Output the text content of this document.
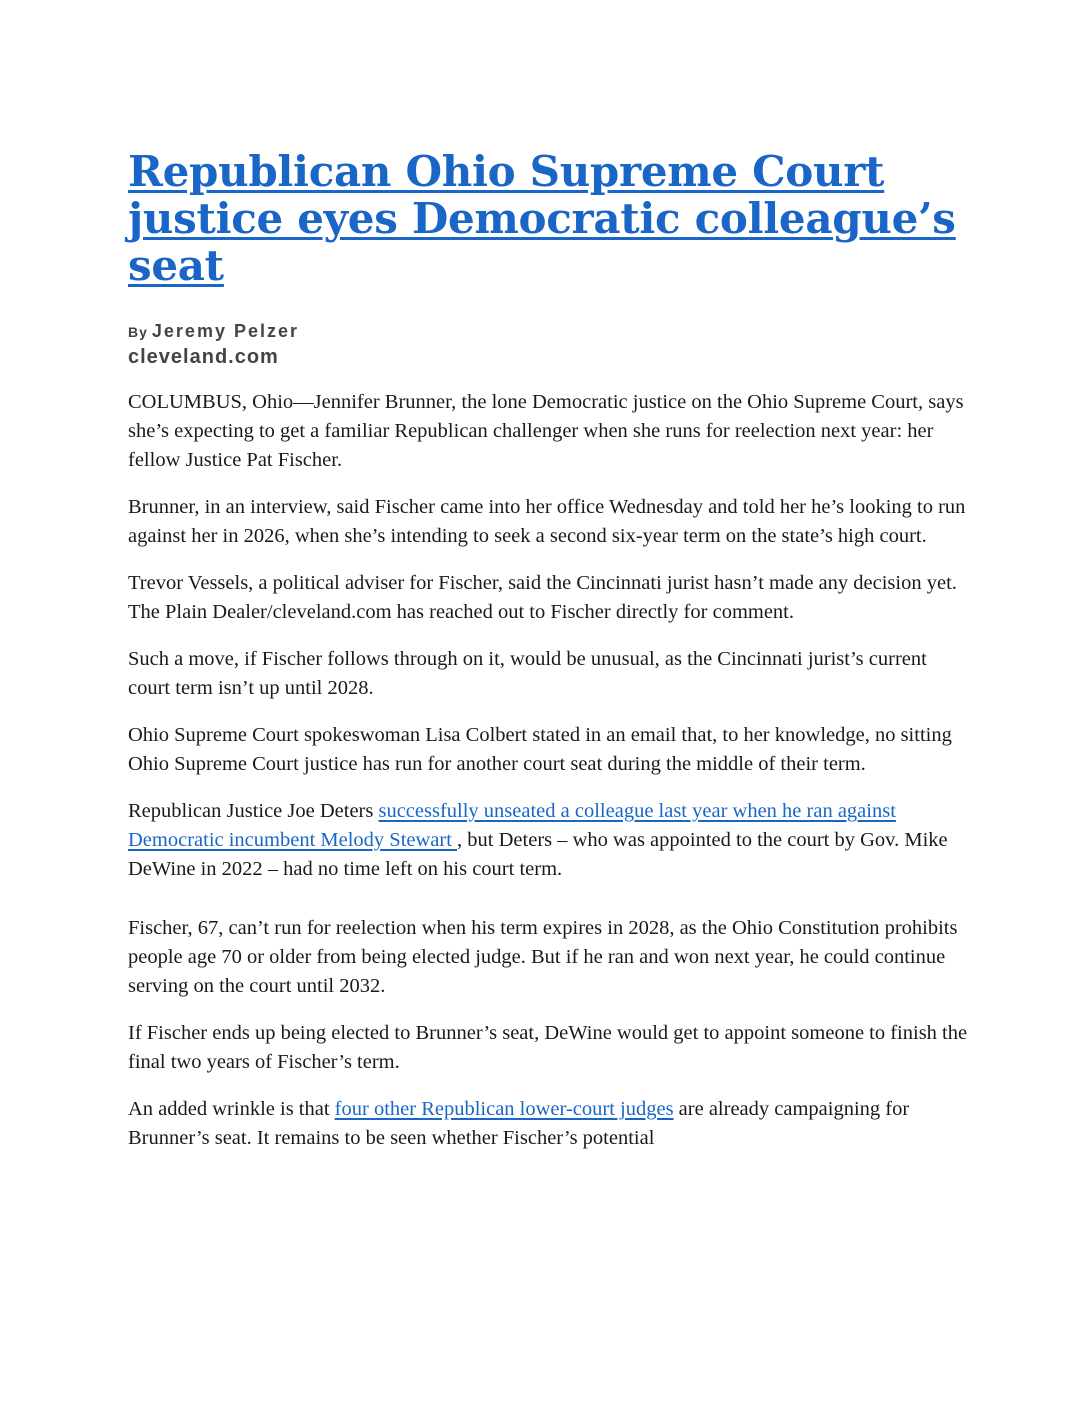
Republican Ohio Supreme Court justice eyes Democratic colleague’s seat
By Jeremy Pelzer
cleveland.com

COLUMBUS, Ohio—Jennifer Brunner, the lone Democratic justice on the Ohio Supreme Court, says she’s expecting to get a familiar Republican challenger when she runs for reelection next year: her fellow Justice Pat Fischer.

Brunner, in an interview, said Fischer came into her office Wednesday and told her he’s looking to run against her in 2026, when she’s intending to seek a second six-year term on the state’s high court.

Trevor Vessels, a political adviser for Fischer, said the Cincinnati jurist hasn’t made any decision yet. The Plain Dealer/cleveland.com has reached out to Fischer directly for comment.

Such a move, if Fischer follows through on it, would be unusual, as the Cincinnati jurist’s current court term isn’t up until 2028.

Ohio Supreme Court spokeswoman Lisa Colbert stated in an email that, to her knowledge, no sitting Ohio Supreme Court justice has run for another court seat during the middle of their term.

Republican Justice Joe Deters successfully unseated a colleague last year when he ran against Democratic incumbent Melody Stewart , but Deters – who was appointed to the court by Gov. Mike DeWine in 2022 – had no time left on his court term.

Fischer, 67, can’t run for reelection when his term expires in 2028, as the Ohio Constitution prohibits people age 70 or older from being elected judge. But if he ran and won next year, he could continue serving on the court until 2032.

If Fischer ends up being elected to Brunner’s seat, DeWine would get to appoint someone to finish the final two years of Fischer’s term.

An added wrinkle is that four other Republican lower-court judges are already campaigning for Brunner’s seat. It remains to be seen whether Fischer’s potential
